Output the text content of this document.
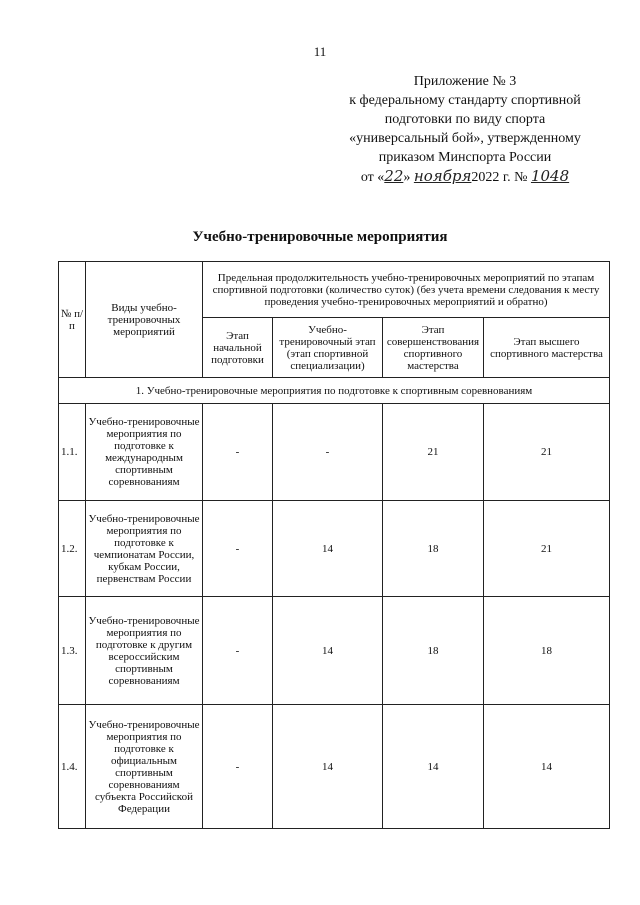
11
Приложение № 3
к федеральному стандарту спортивной
подготовки по виду спорта
«универсальный бой», утвержденному
приказом Минспорта России
от «22» ноября2022 г. № 1048
Учебно-тренировочные мероприятия
№ п/п	Виды учебно-тренировочных мероприятий	Предельная продолжительность учебно-тренировочных мероприятий по этапам спортивной подготовки (количество суток) (без учета времени следования к месту проведения учебно-тренировочных мероприятий и обратно)			
		Этап начальной подготовки	Учебно-тренировочный этап (этап спортивной специализации)	Этап совершенствования спортивного мастерства	Этап высшего спортивного мастерства
1. Учебно-тренировочные мероприятия по подготовке к спортивным соревнованиям					
1.1.	Учебно-тренировочные мероприятия по подготовке к международным спортивным соревнованиям	-	-	21	21
1.2.	Учебно-тренировочные мероприятия по подготовке к чемпионатам России, кубкам России, первенствам России	-	14	18	21
1.3.	Учебно-тренировочные мероприятия по подготовке к другим всероссийским спортивным соревнованиям	-	14	18	18
1.4.	Учебно-тренировочные мероприятия по подготовке к официальным спортивным соревнованиям субъекта Российской Федерации	-	14	14	14
